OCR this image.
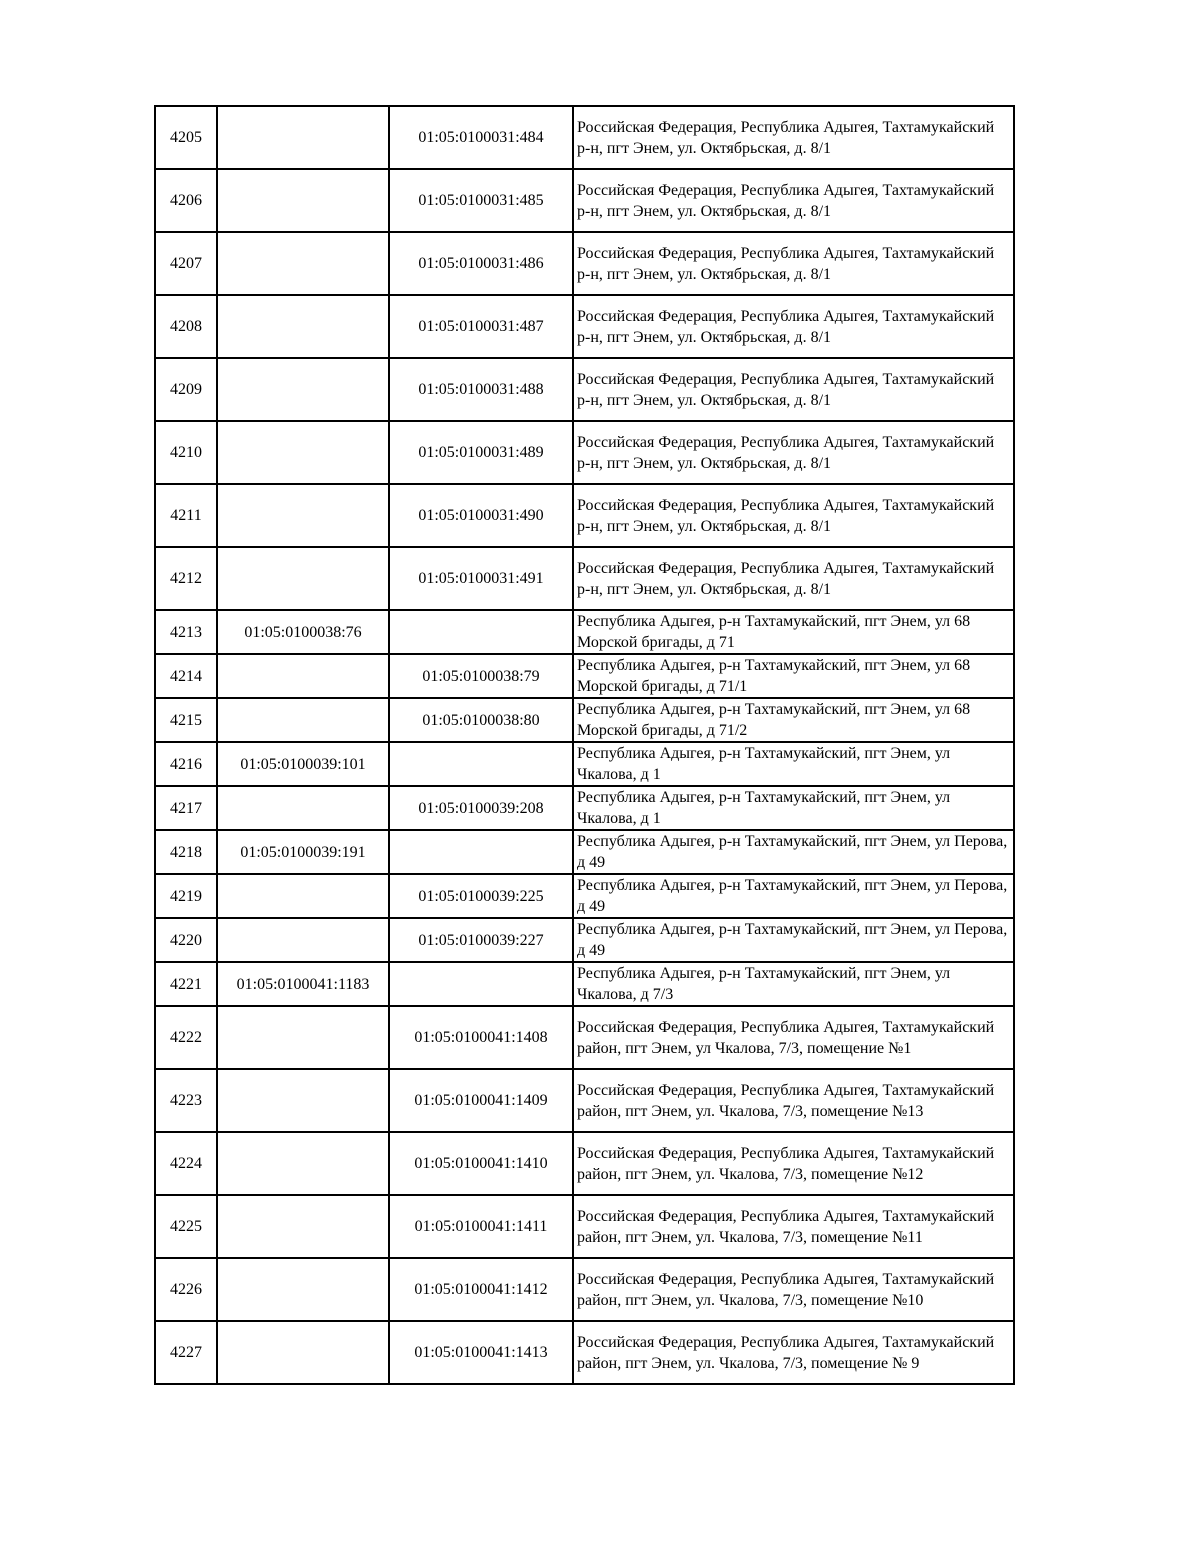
4205		01:05:0100031:484	Российская Федерация, Республика Адыгея, Тахтамукайский р-н, пгт Энем, ул. Октябрьская, д. 8/1
4206		01:05:0100031:485	Российская Федерация, Республика Адыгея, Тахтамукайский р-н, пгт Энем, ул. Октябрьская, д. 8/1
4207		01:05:0100031:486	Российская Федерация, Республика Адыгея, Тахтамукайский р-н, пгт Энем, ул. Октябрьская, д. 8/1
4208		01:05:0100031:487	Российская Федерация, Республика Адыгея, Тахтамукайский р-н, пгт Энем, ул. Октябрьская, д. 8/1
4209		01:05:0100031:488	Российская Федерация, Республика Адыгея, Тахтамукайский р-н, пгт Энем, ул. Октябрьская, д. 8/1
4210		01:05:0100031:489	Российская Федерация, Республика Адыгея, Тахтамукайский р-н, пгт Энем, ул. Октябрьская, д. 8/1
4211		01:05:0100031:490	Российская Федерация, Республика Адыгея, Тахтамукайский р-н, пгт Энем, ул. Октябрьская, д. 8/1
4212		01:05:0100031:491	Российская Федерация, Республика Адыгея, Тахтамукайский р-н, пгт Энем, ул. Октябрьская, д. 8/1
4213	01:05:0100038:76		Республика Адыгея, р-н Тахтамукайский, пгт Энем, ул 68 Морской бригады, д 71
4214		01:05:0100038:79	Республика Адыгея, р-н Тахтамукайский, пгт Энем, ул 68 Морской бригады, д 71/1
4215		01:05:0100038:80	Республика Адыгея, р-н Тахтамукайский, пгт Энем, ул 68 Морской бригады, д 71/2
4216	01:05:0100039:101		Республика Адыгея, р-н Тахтамукайский, пгт Энем, ул Чкалова, д 1
4217		01:05:0100039:208	Республика Адыгея, р-н Тахтамукайский, пгт Энем, ул Чкалова, д 1
4218	01:05:0100039:191		Республика Адыгея, р-н Тахтамукайский, пгт Энем, ул Перова, д 49
4219		01:05:0100039:225	Республика Адыгея, р-н Тахтамукайский, пгт Энем, ул Перова, д 49
4220		01:05:0100039:227	Республика Адыгея, р-н Тахтамукайский, пгт Энем, ул Перова, д 49
4221	01:05:0100041:1183		Республика Адыгея, р-н Тахтамукайский, пгт Энем, ул Чкалова, д 7/3
4222		01:05:0100041:1408	Российская Федерация, Республика Адыгея, Тахтамукайский район, пгт Энем, ул Чкалова, 7/3, помещение №1
4223		01:05:0100041:1409	Российская Федерация, Республика Адыгея, Тахтамукайский район, пгт Энем, ул. Чкалова, 7/3, помещение №13
4224		01:05:0100041:1410	Российская Федерация, Республика Адыгея, Тахтамукайский район, пгт Энем, ул. Чкалова, 7/3, помещение №12
4225		01:05:0100041:1411	Российская Федерация, Республика Адыгея, Тахтамукайский район, пгт Энем, ул. Чкалова, 7/3, помещение №11
4226		01:05:0100041:1412	Российская Федерация, Республика Адыгея, Тахтамукайский район, пгт Энем, ул. Чкалова, 7/3, помещение №10
4227		01:05:0100041:1413	Российская Федерация, Республика Адыгея, Тахтамукайский район, пгт Энем, ул. Чкалова, 7/3, помещение № 9
